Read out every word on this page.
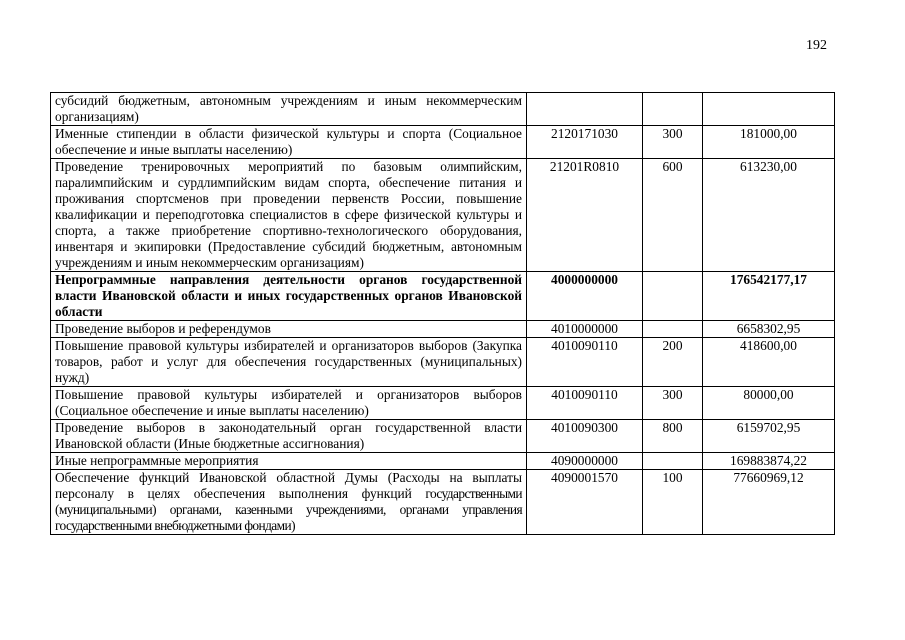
192
субсидий бюджетным, автономным учреждениям и иным некоммерческим организациям)			
Именные стипендии в области физической культуры и спорта (Социальное обеспечение и иные выплаты населению)	2120171030	300	181000,00
Проведение тренировочных мероприятий по базовым олимпийским, паралимпийским и сурдлимпийским видам спорта, обеспечение питания и проживания спортсменов при проведении первенств России, повышение квалификации и переподготовка специалистов в сфере физической культуры и спорта, а также приобретение спортивно-технологического оборудования, инвентаря и экипировки (Предоставление субсидий бюджетным, автономным учреждениям и иным некоммерческим организациям)	21201R0810	600	613230,00
Непрограммные направления деятельности органов государственной власти Ивановской области и иных государственных органов Ивановской области	4000000000		176542177,17
Проведение выборов и референдумов	4010000000		6658302,95
Повышение правовой культуры избирателей и организаторов выборов (Закупка товаров, работ и услуг для обеспечения государственных (муниципальных) нужд)	4010090110	200	418600,00
Повышение правовой культуры избирателей и организаторов выборов (Социальное обеспечение и иные выплаты населению)	4010090110	300	80000,00
Проведение выборов в законодательный орган государственной власти Ивановской области (Иные бюджетные ассигнования)	4010090300	800	6159702,95
Иные непрограммные мероприятия	4090000000		169883874,22
Обеспечение функций Ивановской областной Думы (Расходы на выплаты персоналу в целях обеспечения выполнения функций государственными (муниципальными) органами, казенными учреждениями, органами управления государственными внебюджетными фондами)	4090001570	100	77660969,12
